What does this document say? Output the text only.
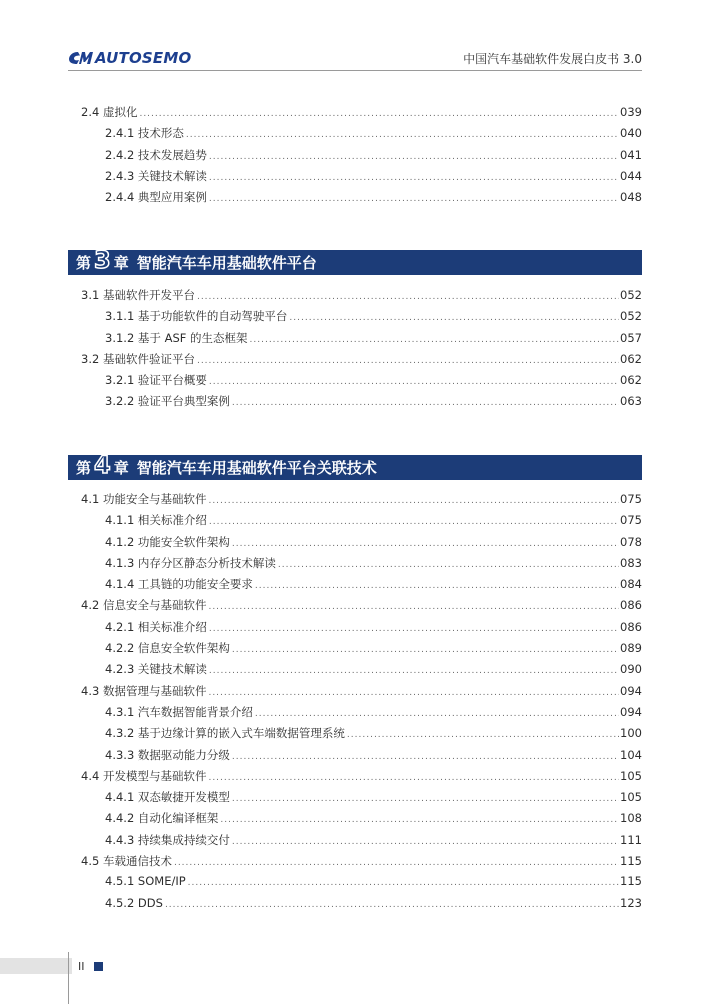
AUTOSEMO	中国汽车基础软件发展白皮书 3.0
2.4 虚拟化 .....	039
2.4.1 技术形态 .....	040
2.4.2 技术发展趋势 .....	041
2.4.3 关键技术解读 .....	044
2.4.4 典型应用案例 .....	048
第 3 章 智能汽车车用基础软件平台
3.1 基础软件开发平台 .....	052
3.1.1 基于功能软件的自动驾驶平台 .....	052
3.1.2 基于 ASF 的生态框架 .....	057
3.2 基础软件验证平台 .....	062
3.2.1 验证平台概要 .....	062
3.2.2 验证平台典型案例 .....	063
第 4 章 智能汽车车用基础软件平台关联技术
4.1 功能安全与基础软件 .....	075
4.1.1 相关标准介绍 .....	075
4.1.2 功能安全软件架构 .....	078
4.1.3 内存分区静态分析技术解读 .....	083
4.1.4 工具链的功能安全要求 .....	084
4.2 信息安全与基础软件 .....	086
4.2.1 相关标准介绍 .....	086
4.2.2 信息安全软件架构 .....	089
4.2.3 关键技术解读 .....	090
4.3 数据管理与基础软件 .....	094
4.3.1 汽车数据智能背景介绍 .....	094
4.3.2 基于边缘计算的嵌入式车端数据管理系统 .....	100
4.3.3 数据驱动能力分级 .....	104
4.4 开发模型与基础软件 .....	105
4.4.1 双态敏捷开发模型 .....	105
4.4.2 自动化编译框架 .....	108
4.4.3 持续集成持续交付 .....	111
4.5 车载通信技术 .....	115
4.5.1 SOME/IP .....	115
4.5.2 DDS .....	123
II
